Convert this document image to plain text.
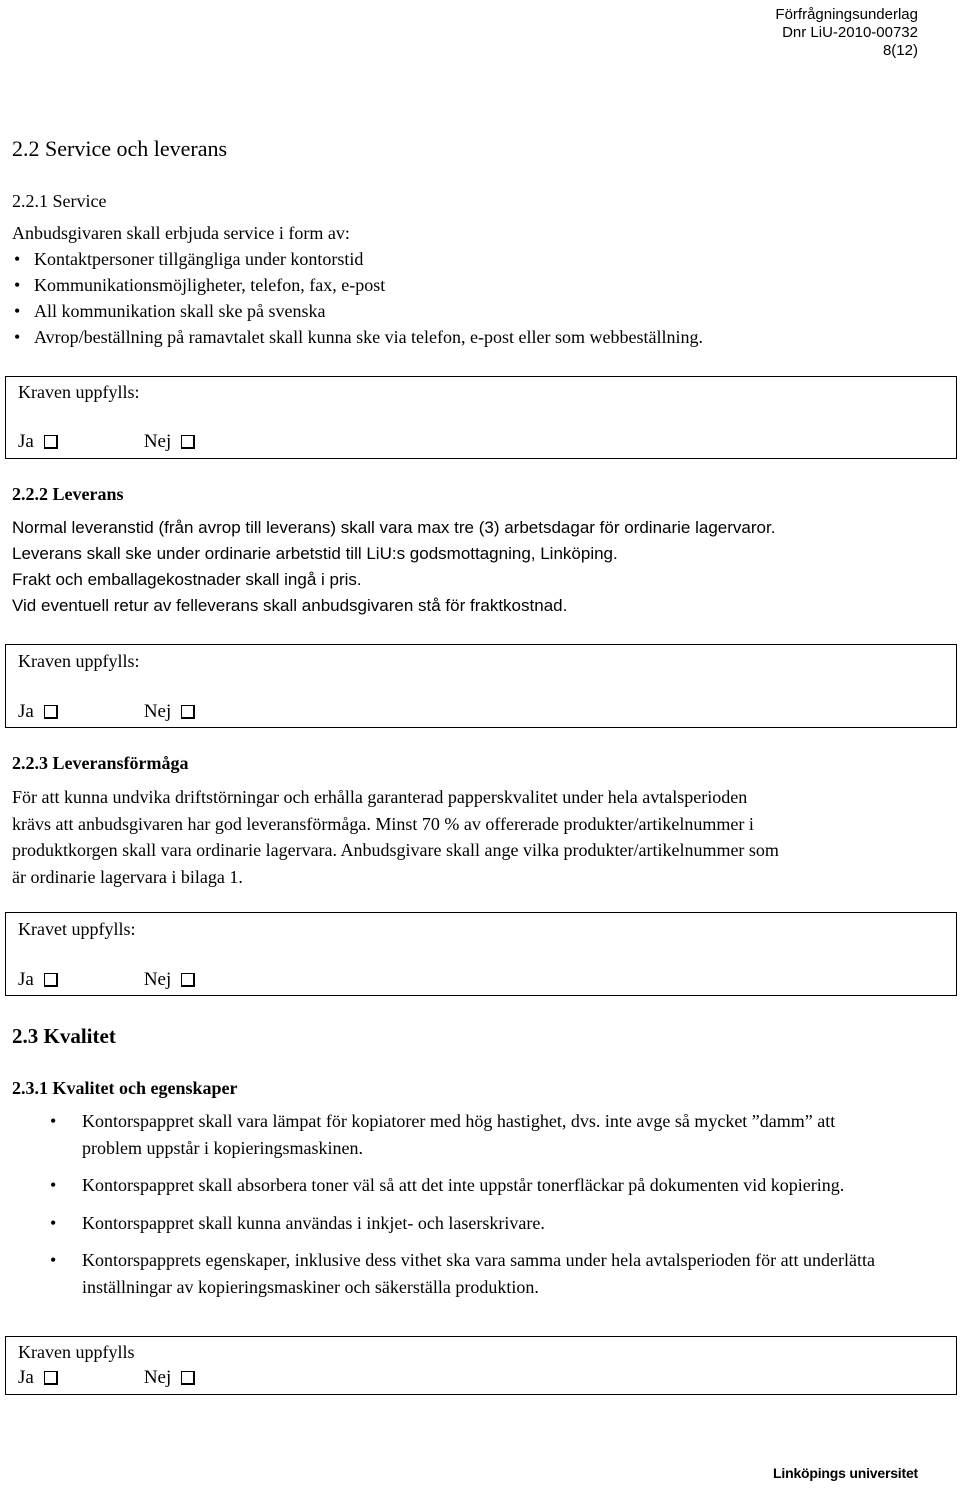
Förfrågningsunderlag
Dnr LiU-2010-00732
8(12)
2.2 Service och leverans
2.2.1 Service
Anbudsgivaren skall erbjuda service i form av:
• Kontaktpersoner tillgängliga under kontorstid
• Kommunikationsmöjligheter, telefon, fax, e-post
• All kommunikation skall ske på svenska
• Avrop/beställning på ramavtalet skall kunna ske via telefon, e-post eller som webbeställning.
Kraven uppfylls:
Ja	Nej
2.2.2 Leverans
Normal leveranstid (från avrop till leverans) skall vara max tre (3) arbetsdagar för ordinarie lagervaror.
Leverans skall ske under ordinarie arbetstid till LiU:s godsmottagning, Linköping.
Frakt och emballagekostnader skall ingå i pris.
Vid eventuell retur av felleverans skall anbudsgivaren stå för fraktkostnad.
Kraven uppfylls:
Ja	Nej
2.2.3 Leveransförmåga
För att kunna undvika driftstörningar och erhålla garanterad papperskvalitet under hela avtalsperioden
krävs att anbudsgivaren har god leveransförmåga. Minst 70 % av offererade produkter/artikelnummer i
produktkorgen skall vara ordinarie lagervara. Anbudsgivare skall ange vilka produkter/artikelnummer som
är ordinarie lagervara i bilaga 1.
Kravet uppfylls:
Ja	Nej
2.3 Kvalitet
2.3.1 Kvalitet och egenskaper
• Kontorspappret skall vara lämpat för kopiatorer med hög hastighet, dvs. inte avge så mycket ”damm” att problem uppstår i kopieringsmaskinen.
• Kontorspappret skall absorbera toner väl så att det inte uppstår tonerfläckar på dokumenten vid kopiering.
• Kontorspappret skall kunna användas i inkjet- och laserskrivare.
• Kontorspapprets egenskaper, inklusive dess vithet ska vara samma under hela avtalsperioden för att underlätta inställningar av kopieringsmaskiner och säkerställa produktion.
Kraven uppfylls
Ja	Nej
Linköpings universitet
